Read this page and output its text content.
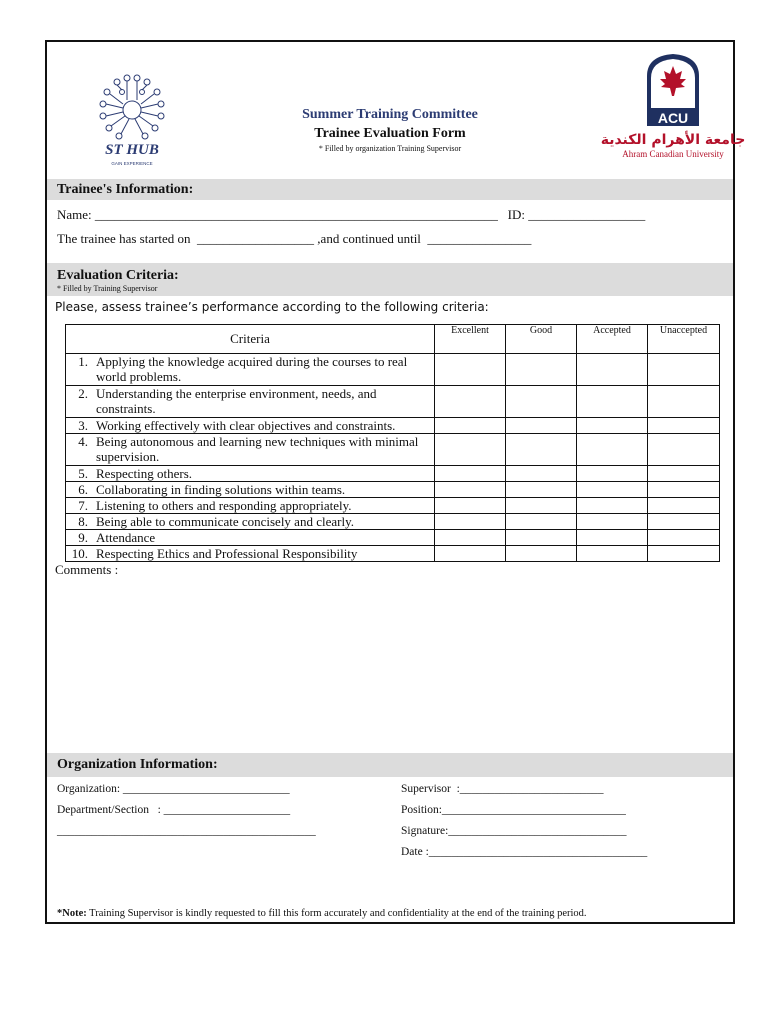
ST HUB
GAIN EXPERIENCE
Summer Training Committee
Trainee Evaluation Form
* Filled by organization Training Supervisor
ACU
جامعة الأهرام الكندية
Ahram Canadian University
Trainee's Information:
Name: ______________________________________________________________   ID: __________________
The trainee has started on  __________________ ,and continued until  ________________
Evaluation Criteria:
* Filled by Training Supervisor
Please, assess trainee’s performance according to the following criteria:
Criteria	Excellent	Good	Accepted	Unaccepted
1. Applying the knowledge acquired during the courses to real world problems.				
2. Understanding the enterprise environment, needs, and constraints.				
3. Working effectively with clear objectives and constraints.				
4. Being autonomous and learning new techniques with minimal supervision.				
5. Respecting others.				
6. Collaborating in finding solutions within teams.				
7. Listening to others and responding appropriately.				
8. Being able to communicate concisely and clearly.				
9. Attendance				
10. Respecting Ethics and Professional Responsibility				
Comments :
Organization Information:
Organization: _____________________________
Department/Section   : ______________________
_____________________________________________
Supervisor  :_________________________
Position:________________________________
Signature:_______________________________
Date :______________________________________
*Note: Training Supervisor is kindly requested to fill this form accurately and confidentiality at the end of the training period.
